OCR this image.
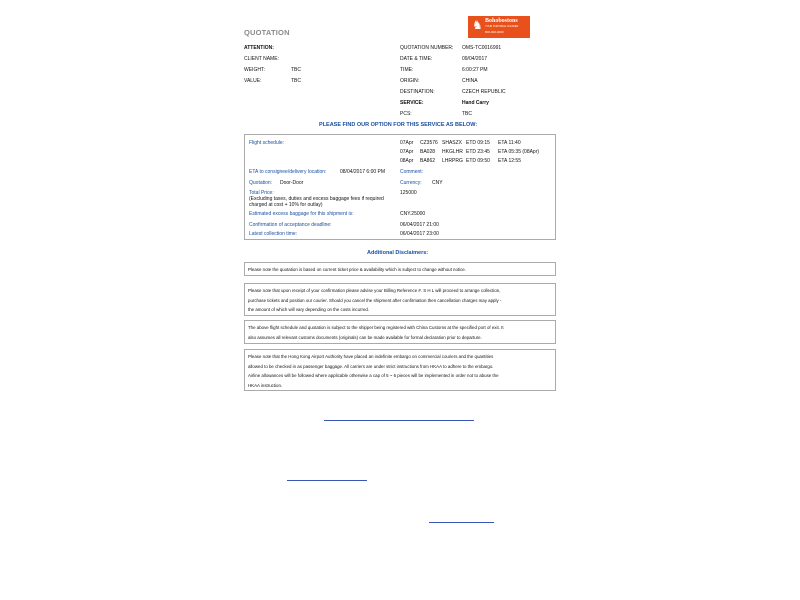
QUOTATION
♞ Bohobostons
YOUR PORTABLE COURIER
800-000-0000
ATTENTION:
CLIENT NAME:
WEIGHT:	TBC
VALUE:	TBC
QUOTATION NUMBER: OMS-TC0016991
DATE & TIME:	09/04/2017
TIME:	6:00:27 PM
ORIGIN:	CHINA
DESTINATION:	CZECH REPUBLIC
SERVICE:	Hand Carry
PCS:	TBC
PLEASE FIND OUR OPTION FOR THIS SERVICE AS BELOW:
Flight schedule:	07Apr CZ3576 SHASZX ETD 09:15 ETA 11:40
07Apr BA028 HKGLHR ETD 23:45 ETA 05:35 (08Apr)
08Apr BA862 LHRPRG ETD 09:50 ETA 12:55
ETA to consignee/delivery location:	08/04/2017 6:00 PM	Comment:
Quotation: Door-Door	Currency: CNY
Total Price:
(Excluding taxes, duties and excess baggage fees if required
charged at cost + 10% for outlay)
125000
Estimated excess baggage for this shipment is:	CNY.25000
Confirmation of acceptance deadline:	06/04/2017 21:00
Latest collection time:	06/04/2017 23:00
Additional Disclaimers:
Please note the quotation is based on current ticket price & availability which is subject to change without notice.
Please note that upon receipt of your confirmation please advise your Billing Reference #. S H L will proceed to arrange collection,
purchase tickets and position our courier. Should you cancel the shipment after confirmation then cancellation charges may apply -
the amount of which will vary depending on the costs incurred.
The above flight schedule and quotation is subject to the shipper being registered with China Customs at the specified port of exit. It
also assumes all relevant customs documents (originals) can be made available for formal declaration prior to departure.
Please note that the Hong Kong Airport Authority have placed an indefinite embargo on commercial couriers and the quantities
allowed to be checked in as passenger baggage. All carriers are under strict instructions from HKAA to adhere to the embargo.
Airline allowances will be followed where applicable otherwise a cap of 5 ~ 6 pieces will be implemented in order not to abuse the
HKAA instruction.
